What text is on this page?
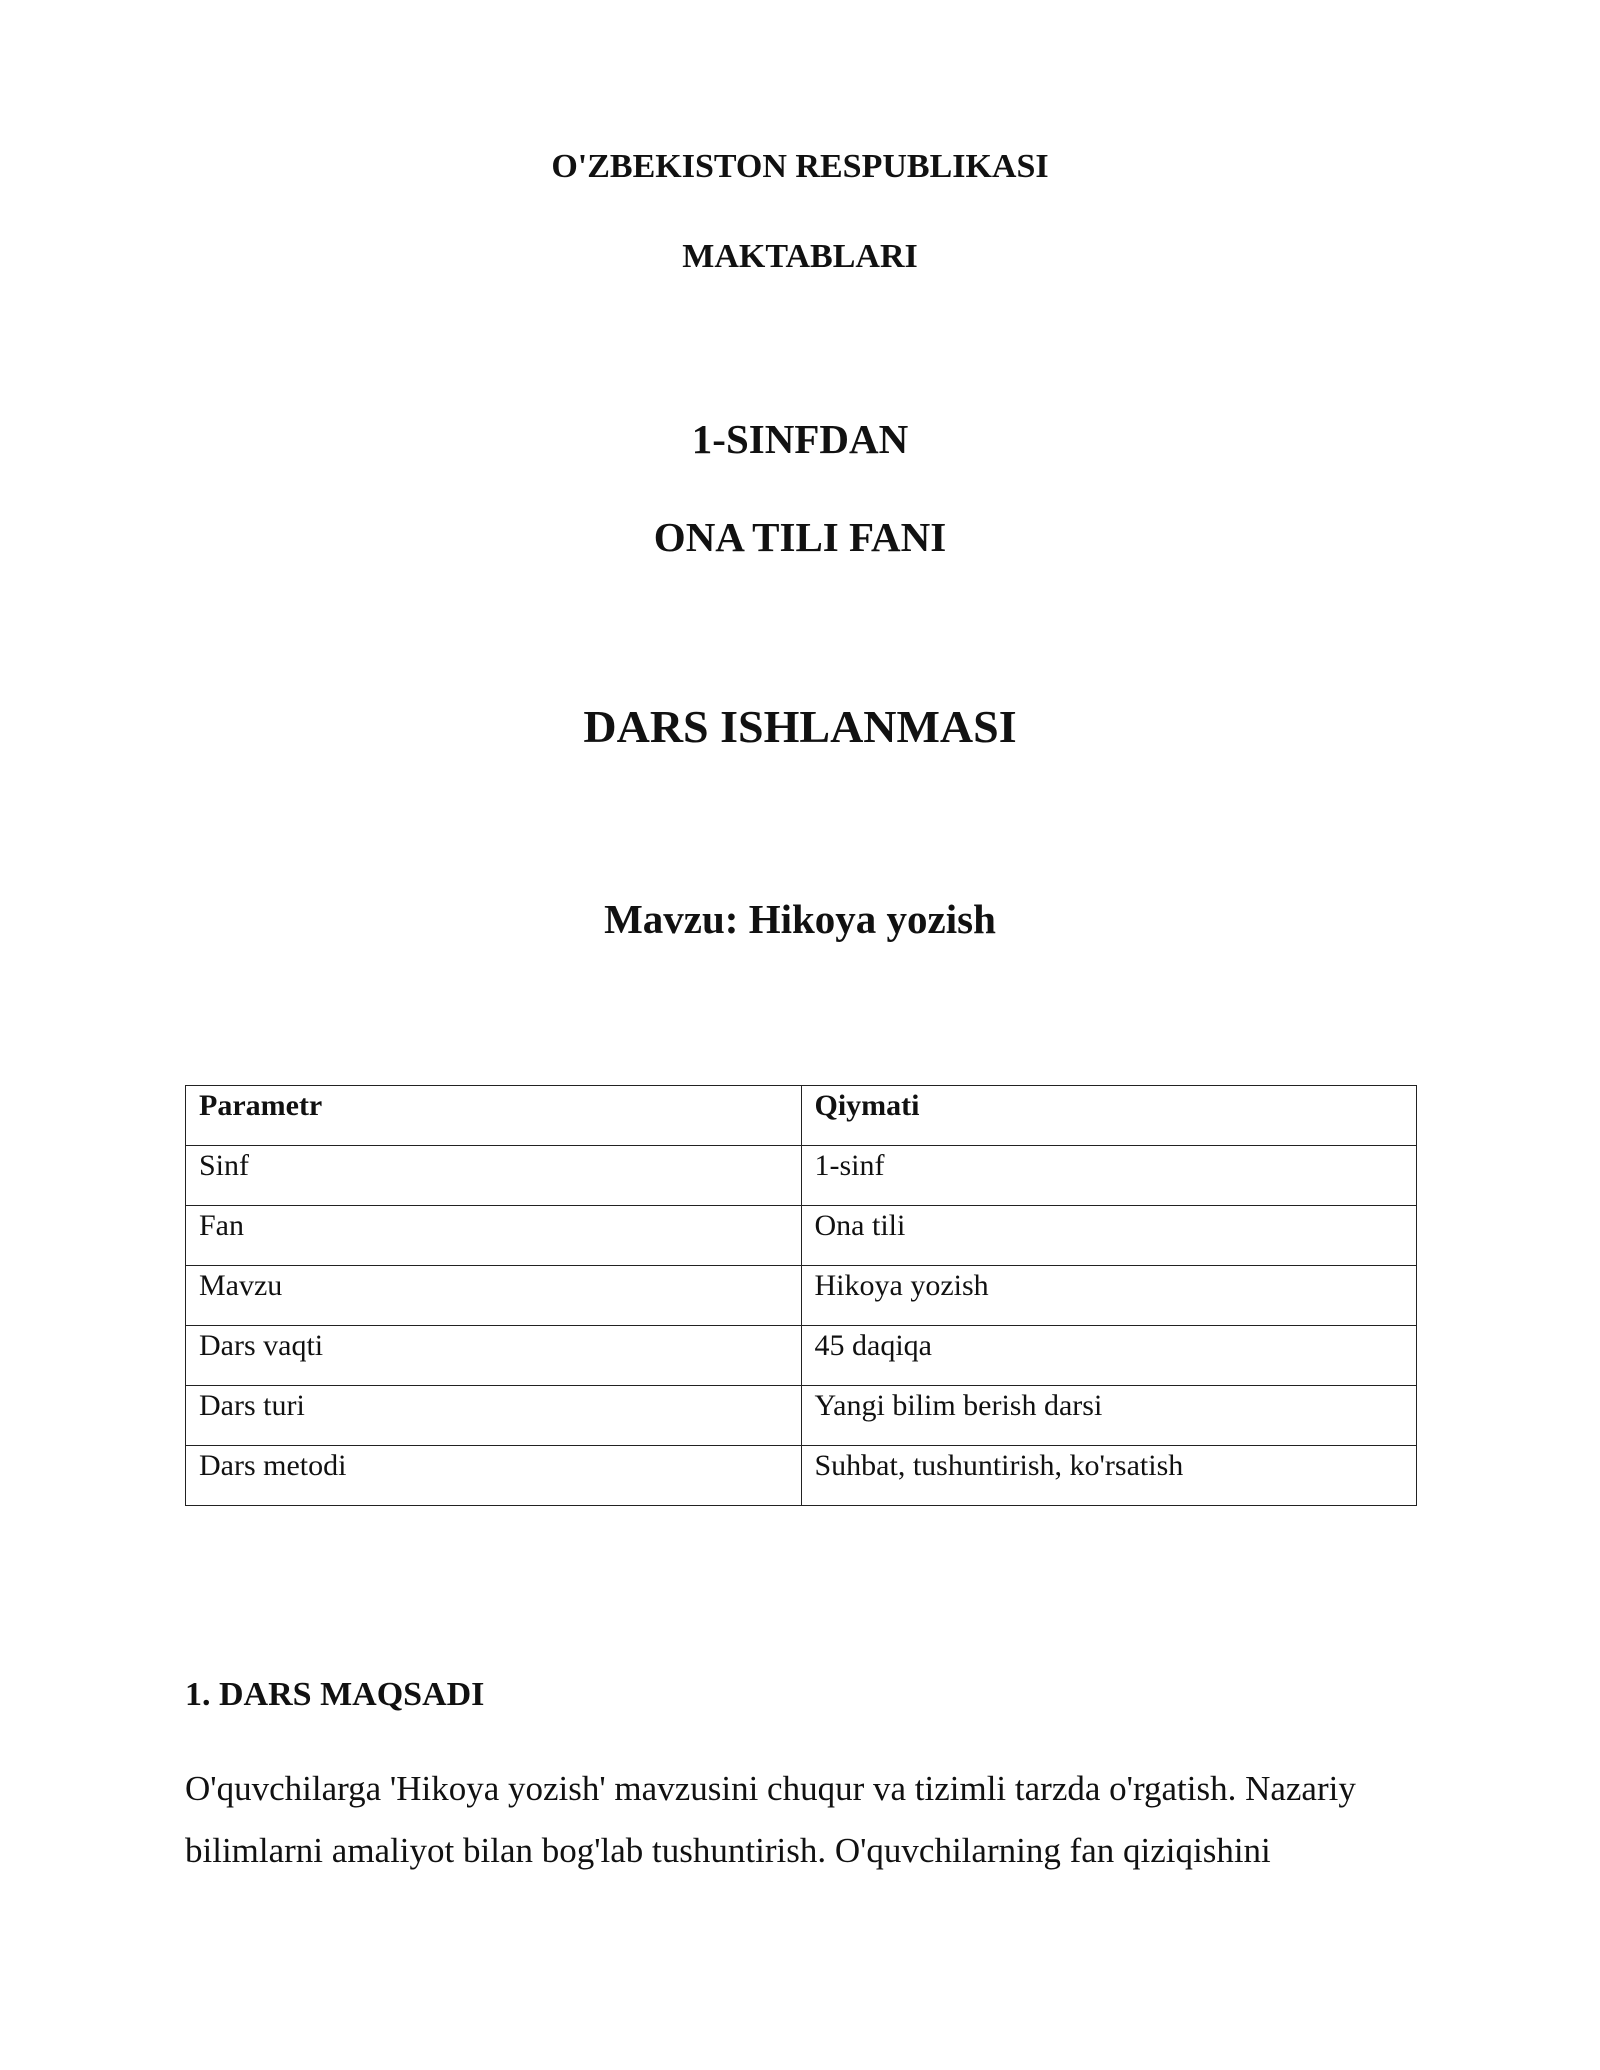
O'ZBEKISTON RESPUBLIKASI
MAKTABLARI
1-SINFDAN
ONA TILI FANI
DARS ISHLANMASI
Mavzu: Hikoya yozish
Parametr	Qiymati
Sinf	1-sinf
Fan	Ona tili
Mavzu	Hikoya yozish
Dars vaqti	45 daqiqa
Dars turi	Yangi bilim berish darsi
Dars metodi	Suhbat, tushuntirish, ko'rsatish
1. DARS MAQSADI
O'quvchilarga 'Hikoya yozish' mavzusini chuqur va tizimli tarzda o'rgatish. Nazariy bilimlarni amaliyot bilan bog'lab tushuntirish. O'quvchilarning fan qiziqishini
